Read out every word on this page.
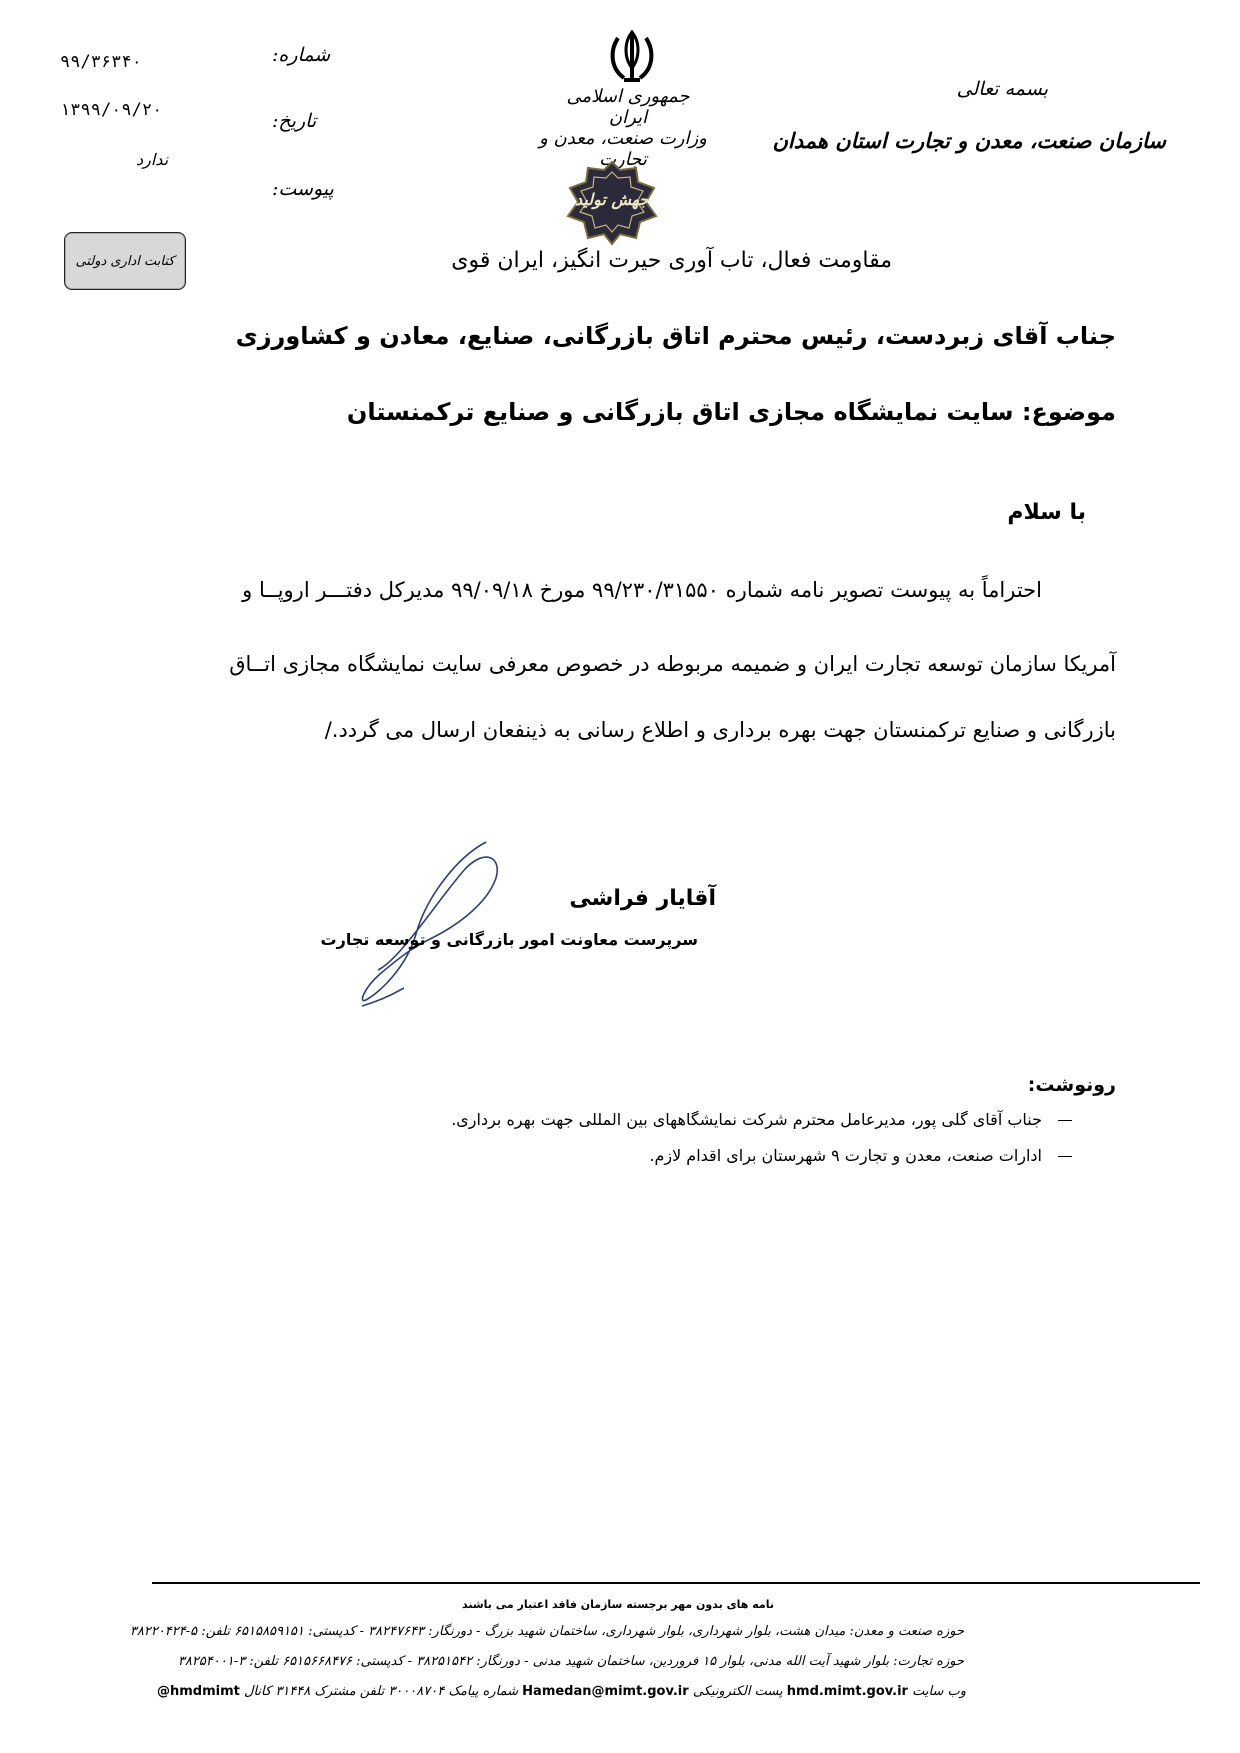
بسمه تعالی
سازمان صنعت، معدن و تجارت استان همدان
جمهوری اسلامی ایران
وزارت صنعت، معدن و تجارت
جهش تولید
شماره:
۹۹/۳۶۳۴۰
تاریخ:
۱۳۹۹/۰۹/۲۰
پیوست:
ندارد
کتابت اداری دولتی	مقاومت فعال، تاب آوری حیرت انگیز، ایران قوی
جناب آقای زبردست، رئیس محترم اتاق بازرگانی، صنایع، معادن و کشاورزی
موضوع: سایت نمایشگاه مجازی اتاق بازرگانی و صنایع ترکمنستان
با سلام
احتراماً به پیوست تصویر نامه شماره ۹۹/۲۳۰/۳۱۵۵۰ مورخ ۹۹/۰۹/۱۸ مدیرکل دفتـــر اروپــا و
آمریکا سازمان توسعه تجارت ایران و ضمیمه مربوطه در خصوص معرفی سایت نمایشگاه مجازی اتــاق
بازرگانی و صنایع ترکمنستان جهت بهره برداری و اطلاع رسانی به ذینفعان ارسال می گردد./
آقایار فراشی
سرپرست معاونت امور بازرگانی و توسعه تجارت
رونوشت:
جناب آقای گلی پور، مدیرعامل محترم شرکت نمایشگاههای بین المللی جهت بهره برداری.
ادارات صنعت، معدن و تجارت ۹ شهرستان برای اقدام لازم.
نامه های بدون مهر برجسته سازمان فاقد اعتبار می باشند
حوزه صنعت و معدن: میدان هشت، بلوار شهرداری، بلوار شهرداری، ساختمان شهید بزرگ - دورنگار: ۳۸۲۴۷۶۴۳ - کدپستی: ۶۵۱۵۸۵۹۱۵۱ تلفن: ۵-۳۸۲۲۰۴۲۴
حوزه تجارت: بلوار شهید آیت الله مدنی، بلوار ۱۵ فروردین، ساختمان شهید مدنی - دورنگار: ۳۸۲۵۱۵۴۲ - کدپستی: ۶۵۱۵۶۶۸۴۷۶ تلفن: ۳-۳۸۲۵۴۰۰۱
وب سایت hmd.mimt.gov.ir پست الکترونیکی Hamedan@mimt.gov.ir شماره پیامک ۳۰۰۰۸۷۰۴ تلفن مشترک ۳۱۴۴۸ کانال @hmdmimt
